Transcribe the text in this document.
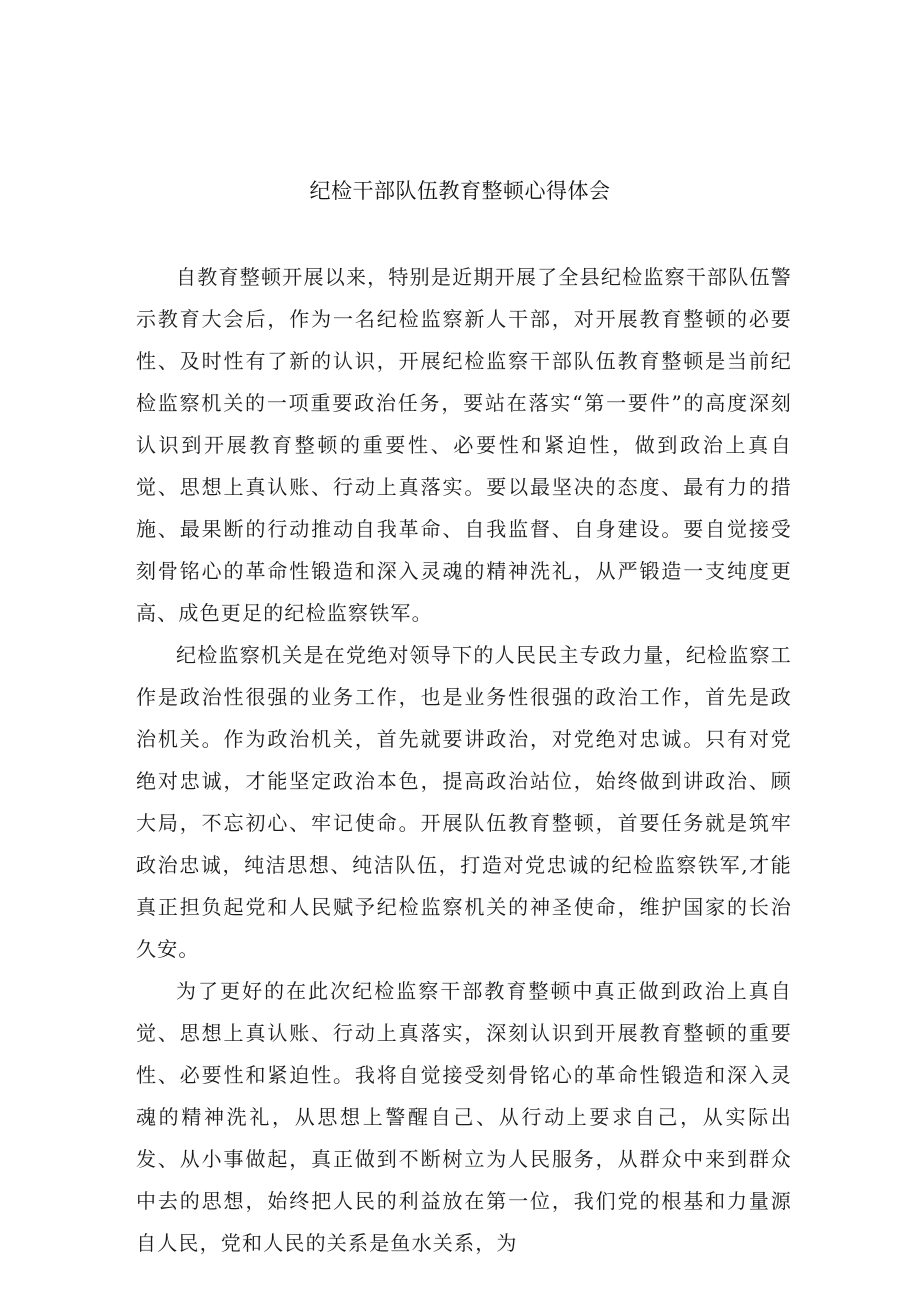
纪检干部队伍教育整顿心得体会

自教育整顿开展以来，特别是近期开展了全县纪检监察干部队伍警示教育大会后，作为一名纪检监察新人干部，对开展教育整顿的必要性、及时性有了新的认识，开展纪检监察干部队伍教育整顿是当前纪检监察机关的一项重要政治任务，要站在落实“第一要件”的高度深刻认识到开展教育整顿的重要性、必要性和紧迫性，做到政治上真自觉、思想上真认账、行动上真落实。要以最坚决的态度、最有力的措施、最果断的行动推动自我革命、自我监督、自身建设。要自觉接受刻骨铭心的革命性锻造和深入灵魂的精神洗礼，从严锻造一支纯度更高、成色更足的纪检监察铁军。

纪检监察机关是在党绝对领导下的人民民主专政力量，纪检监察工作是政治性很强的业务工作，也是业务性很强的政治工作，首先是政治机关。作为政治机关，首先就要讲政治，对党绝对忠诚。只有对党绝对忠诚，才能坚定政治本色，提高政治站位，始终做到讲政治、顾大局，不忘初心、牢记使命。开展队伍教育整顿，首要任务就是筑牢政治忠诚，纯洁思想、纯洁队伍，打造对党忠诚的纪检监察铁军,才能真正担负起党和人民赋予纪检监察机关的神圣使命，维护国家的长治久安。

为了更好的在此次纪检监察干部教育整顿中真正做到政治上真自觉、思想上真认账、行动上真落实，深刻认识到开展教育整顿的重要性、必要性和紧迫性。我将自觉接受刻骨铭心的革命性锻造和深入灵魂的精神洗礼，从思想上警醒自己、从行动上要求自己，从实际出发、从小事做起，真正做到不断树立为人民服务，从群众中来到群众中去的思想，始终把人民的利益放在第一位，我们党的根基和力量源自人民，党和人民的关系是鱼水关系，为
